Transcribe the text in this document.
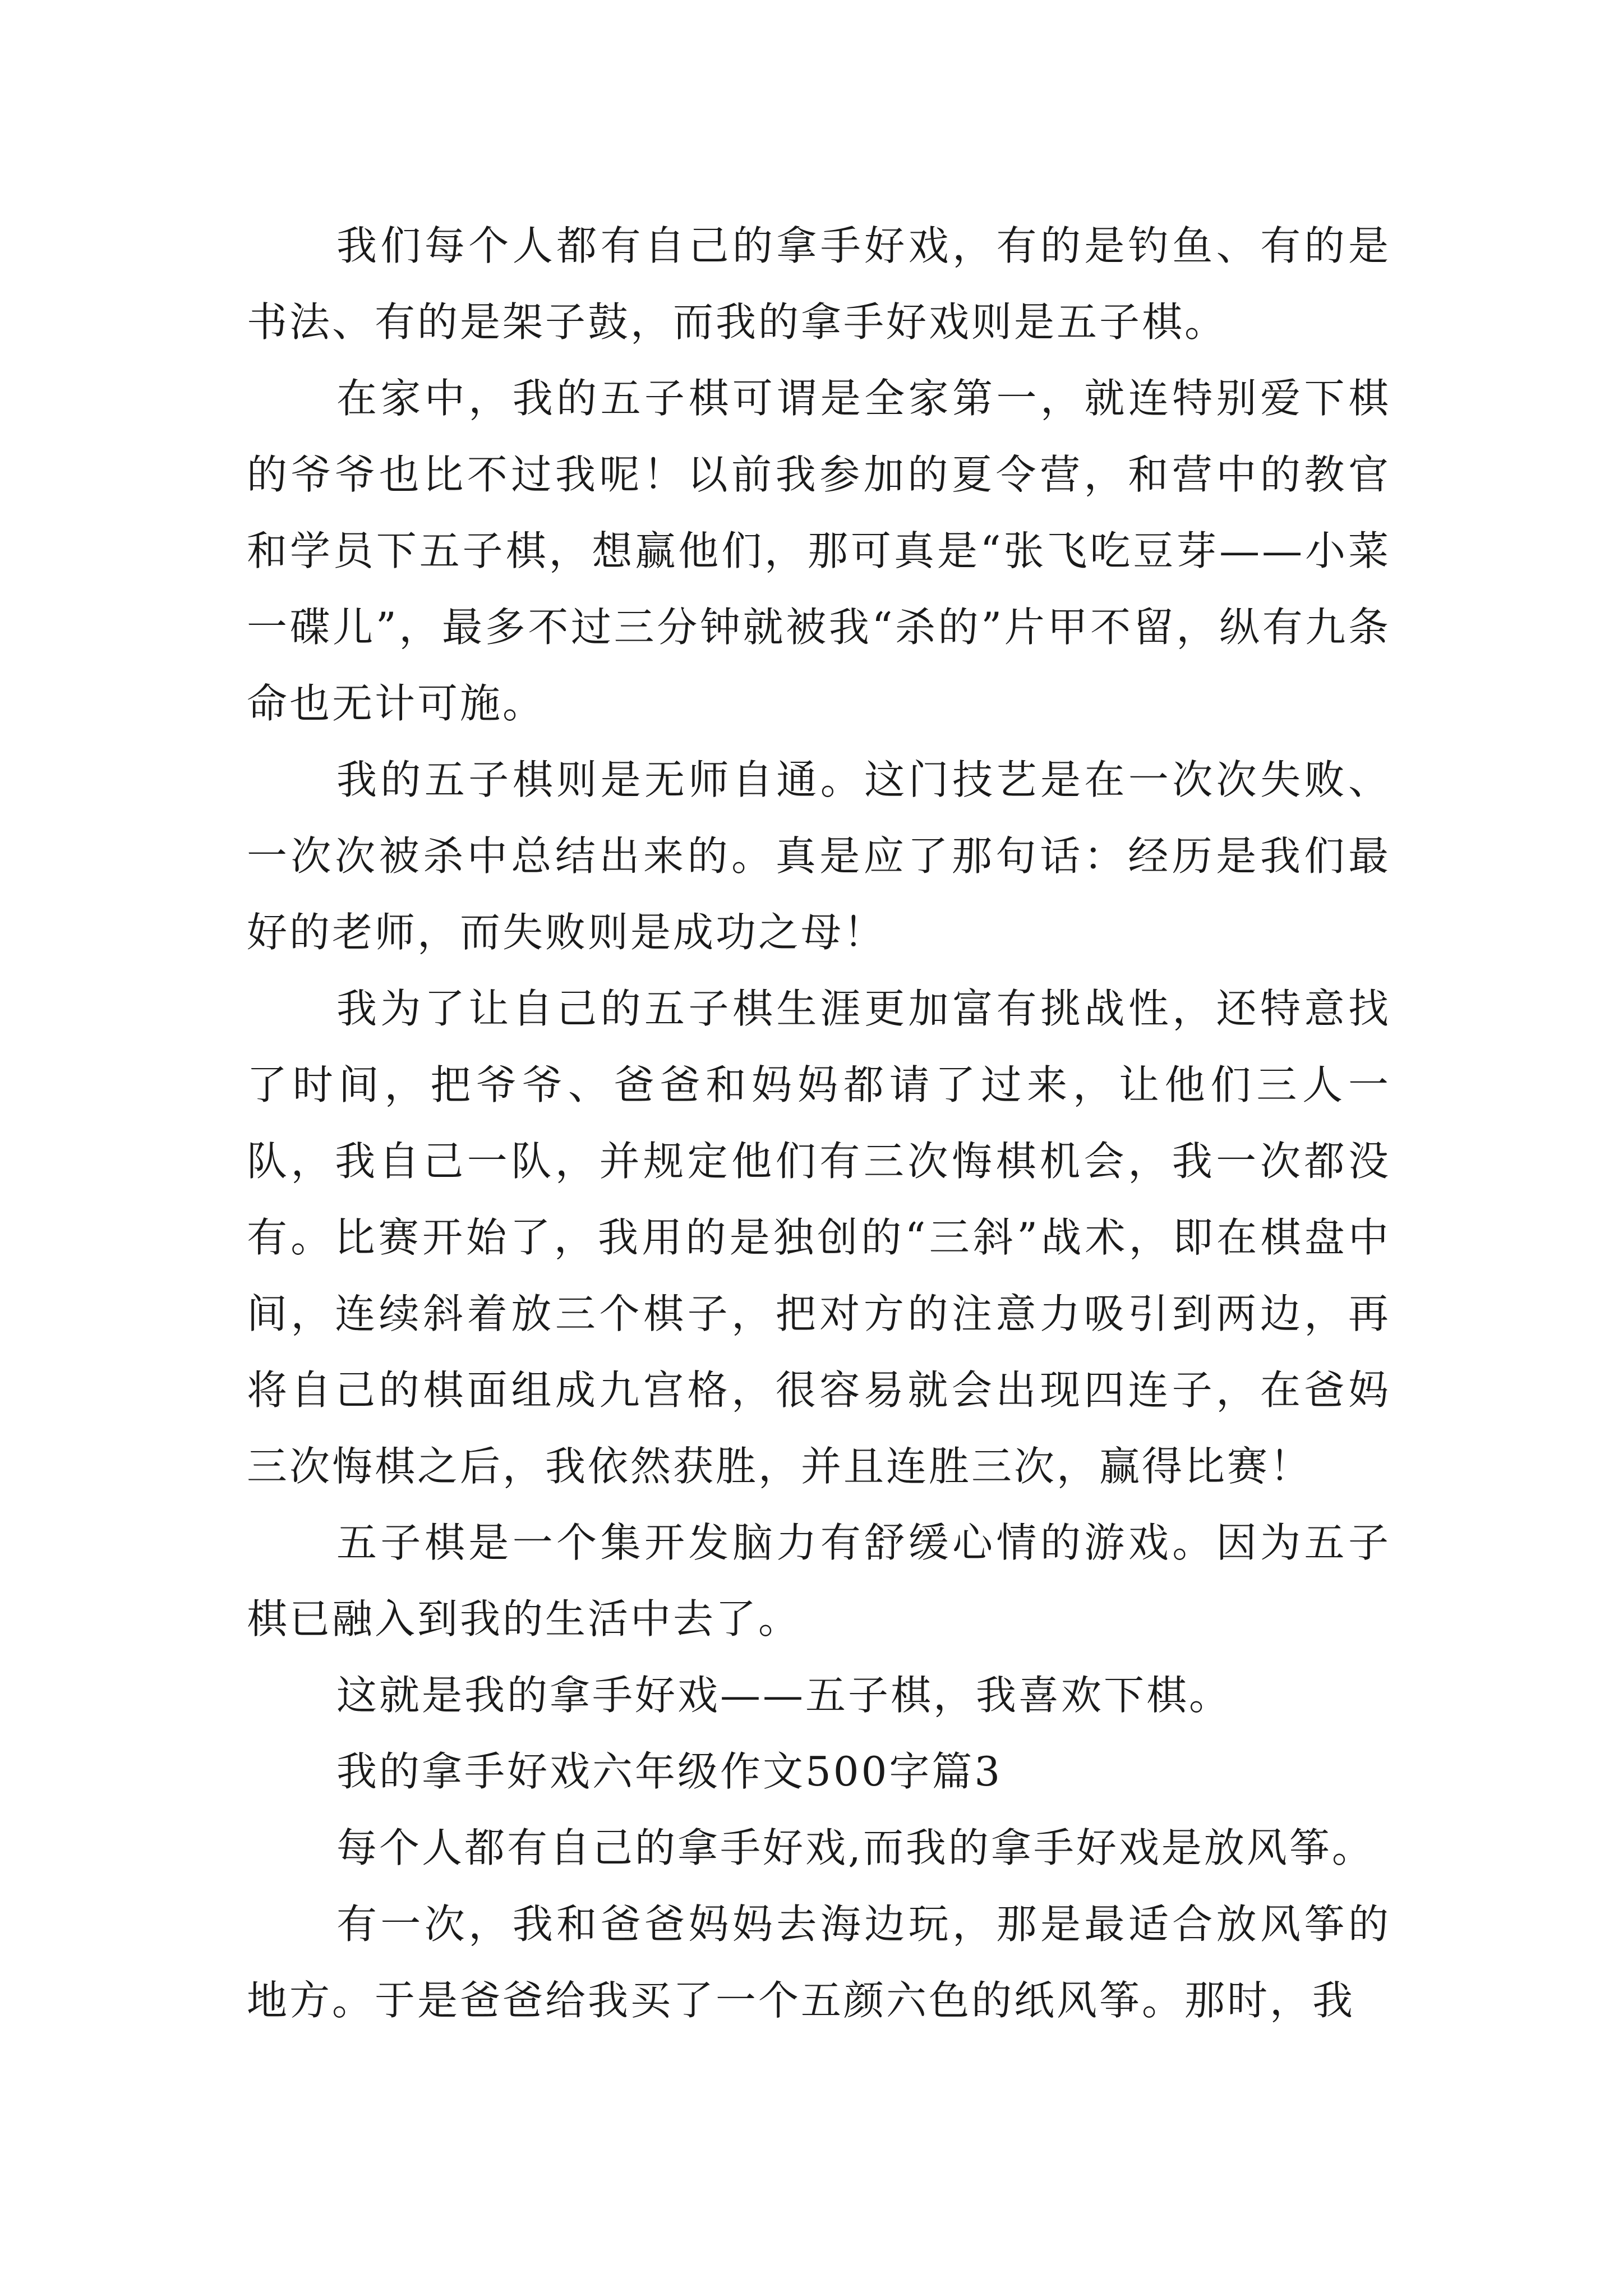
我们每个人都有自己的拿手好戏，有的是钓鱼、有的是书法、有的是架子鼓，而我的拿手好戏则是五子棋。

在家中，我的五子棋可谓是全家第一，就连特别爱下棋的爷爷也比不过我呢！以前我参加的夏令营，和营中的教官和学员下五子棋，想赢他们，那可真是“张飞吃豆芽——小菜一碟儿”，最多不过三分钟就被我“杀的”片甲不留，纵有九条命也无计可施。

我的五子棋则是无师自通。这门技艺是在一次次失败、一次次被杀中总结出来的。真是应了那句话：经历是我们最好的老师，而失败则是成功之母！

我为了让自己的五子棋生涯更加富有挑战性，还特意找了时间，把爷爷、爸爸和妈妈都请了过来，让他们三人一队，我自己一队，并规定他们有三次悔棋机会，我一次都没有。比赛开始了，我用的是独创的“三斜”战术，即在棋盘中间，连续斜着放三个棋子，把对方的注意力吸引到两边，再将自己的棋面组成九宫格，很容易就会出现四连子，在爸妈三次悔棋之后，我依然获胜，并且连胜三次，赢得比赛！

五子棋是一个集开发脑力有舒缓心情的游戏。因为五子棋已融入到我的生活中去了。

这就是我的拿手好戏——五子棋，我喜欢下棋。

我的拿手好戏六年级作文500字篇3

每个人都有自己的拿手好戏,而我的拿手好戏是放风筝。

有一次，我和爸爸妈妈去海边玩，那是最适合放风筝的地方。于是爸爸给我买了一个五颜六色的纸风筝。那时，我
